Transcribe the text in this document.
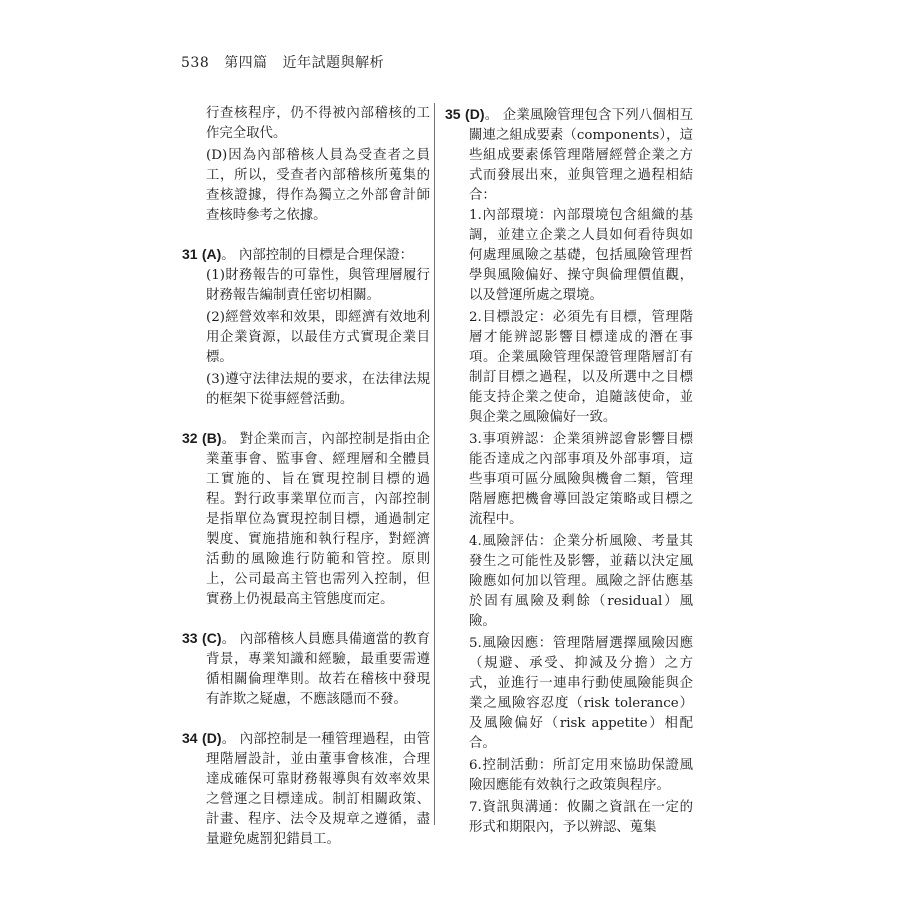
538 第四篇 近年試題與解析

行查核程序，仍不得被內部稽核的工作完全取代。

(D)因為內部稽核人員為受查者之員工，所以，受查者內部稽核所蒐集的查核證據，得作為獨立之外部會計師查核時參考之依據。

31 (A)。 內部控制的目標是合理保證：

(1)財務報告的可靠性，與管理層履行財務報告編制責任密切相關。

(2)經營效率和效果，即經濟有效地利用企業資源，以最佳方式實現企業目標。

(3)遵守法律法規的要求，在法律法規的框架下從事經營活動。

32 (B)。 對企業而言，內部控制是指由企業董事會、監事會、經理層和全體員工實施的、旨在實現控制目標的過程。對行政事業單位而言，內部控制是指單位為實現控制目標，通過制定製度、實施措施和執行程序，對經濟活動的風險進行防範和管控。原則上，公司最高主管也需列入控制，但實務上仍視最高主管態度而定。

33 (C)。 內部稽核人員應具備適當的教育背景，專業知識和經驗，最重要需遵循相關倫理準則。故若在稽核中發現有詐欺之疑慮，不應該隱而不發。

34 (D)。 內部控制是一種管理過程，由管理階層設計，並由董事會核准，合理達成確保可靠財務報導與有效率效果之營運之目標達成。制訂相關政策、計畫、程序、法令及規章之遵循，盡量避免處罰犯錯員工。

35 (D)。 企業風險管理包含下列八個相互關連之組成要素（components），這些組成要素係管理階層經營企業之方式而發展出來，並與管理之過程相結合：

1.內部環境：內部環境包含組織的基調，並建立企業之人員如何看待與如何處理風險之基礎，包括風險管理哲學與風險偏好、操守與倫理價值觀，以及營運所處之環境。

2.目標設定：必須先有目標，管理階層才能辨認影響目標達成的潛在事項。企業風險管理保證管理階層訂有制訂目標之過程，以及所選中之目標能支持企業之使命，追隨該使命，並與企業之風險偏好一致。

3.事項辨認：企業須辨認會影響目標能否達成之內部事項及外部事項，這些事項可區分風險與機會二類，管理階層應把機會導回設定策略或目標之流程中。

4.風險評估：企業分析風險、考量其發生之可能性及影響，並藉以決定風險應如何加以管理。風險之評估應基於固有風險及剩餘（residual）風險。

5.風險因應：管理階層選擇風險因應（規避、承受、抑減及分擔）之方式，並進行一連串行動使風險能與企業之風險容忍度（risk tolerance）及風險偏好（risk appetite）相配合。

6.控制活動：所訂定用來協助保證風險因應能有效執行之政策與程序。

7.資訊與溝通：攸關之資訊在一定的形式和期限內，予以辨認、蒐集
